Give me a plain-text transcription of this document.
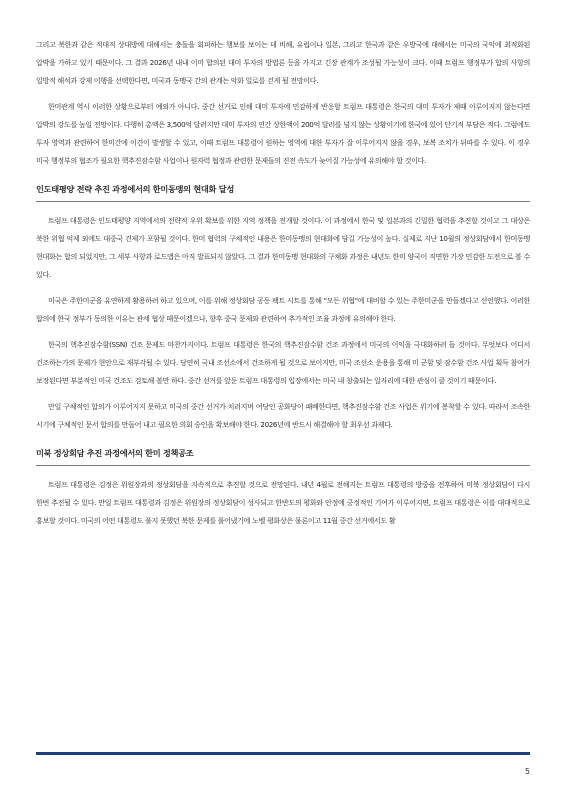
그리고 북한과 같은 적대적 상대방에 대해서는 충돌을 회피하는 행보를 보이는 데 비해, 유럽이나 일본, 그리고 한국과 같은 우방국에 대해서는 미국의 국익에 최적화된 압박을 가하고 있기 때문이다. 그 결과 2026년 내내 이미 합의된 대미 투자의 방법론 등을 가지고 긴장 관계가 조성될 가능성이 크다. 이때 트럼프 행정부가 합의 사항의 일방적 해석과 강제 이행을 선택한다면, 미국과 동맹국 간의 관계는 악화 일로를 걷게 될 전망이다.

한미관계 역시 이러한 상황으로부터 예외가 아니다. 중간 선거로 인해 대미 투자에 민감하게 반응할 트럼프 대통령은 한국의 대미 투자가 제때 이루어지지 않는다면 압박의 강도를 높일 전망이다. 다행히 총액은 3,500억 달러지만 대미 투자의 연간 상한액이 200억 달러를 넘지 않는 상황이기에 한국에 있어 단기적 부담은 적다. 그럼에도 투자 영역과 관련하여 한미간에 이견이 발생할 수 있고, 이때 트럼프 대통령이 원하는 영역에 대한 투자가 잘 이루어지지 않을 경우, 보복 조치가 뒤따를 수 있다. 이 경우 미국 행정부의 협조가 필요한 핵추진잠수함 사업이나 원자력 협정과 관련한 문제들의 진전 속도가 늦어질 가능성에 유의해야 할 것이다.

인도태평양 전략 추진 과정에서의 한미동맹의 현대화 달성

트럼프 대통령은 인도태평양 지역에서의 전략적 우위 확보를 위한 지역 정책을 전개할 것이다. 이 과정에서 한국 및 일본과의 긴밀한 협력을 추진할 것이고 그 대상은 북한 위협 억제 외에도 대중국 견제가 포함될 것이다. 한미 협력의 구체적인 내용은 한미동맹의 현대화에 담길 가능성이 높다. 실제로 지난 10월의 정상회담에서 한미동맹 현대화는 합의 되었지만, 그 세부 사항과 로드맵은 아직 발표되지 않았다. 그 결과 한미동맹 현대화의 구체화 과정은 내년도 한미 양국이 직면한 가장 민감한 도전으로 볼 수 있다.

미국은 주한미군을 유연하게 활용하려 하고 있으며, 이를 위해 정상회담 공동 팩트 시트를 통해 "모든 위협"에 대비할 수 있는 주한미군을 만들겠다고 선언했다. 이러한 합의에 한국 정부가 동의한 이유는 관세 협상 때문이겠으나, 향후 중국 문제와 관련하여 추가적인 조율 과정에 유의해야 한다.

한국의 핵추진잠수함(SSN) 건조 문제도 마찬가지이다. 트럼프 대통령은 한국의 핵추진잠수함 건조 과정에서 미국의 이익을 극대화하려 들 것이다. 무엇보다 어디서 건조하는가의 문제가 현안으로 재부각될 수 있다. 당연히 국내 조선소에서 건조하게 될 것으로 보이지만, 미국 조선소 운용을 통해 미 군함 및 잠수함 건조 사업 획득 참여가 보장된다면 부분적인 미국 건조도 검토해 볼만 하다. 중간 선거를 앞둔 트럼프 대통령의 입장에서는 미국 내 창출되는 일자리에 대한 관심이 클 것이기 때문이다.

만일 구체적인 합의가 이루어지지 못하고 미국의 중간 선거가 치러지며 여당인 공화당이 패배한다면, 핵추진잠수함 건조 사업은 위기에 봉착할 수 있다. 따라서 조속한 시기에 구체적인 문서 합의를 만들어 내고 필요한 의회 승인을 확보해야 한다. 2026년에 반드시 해결해야 할 최우선 과제다.

미북 정상회담 추진 과정에서의 한미 정책공조

트럼프 대통령은 김정은 위원장과의 정상회담을 지속적으로 추진할 것으로 전망된다. 내년 4월로 전해지는 트럼프 대통령의 방중을 전후하여 미북 정상회담이 다시 한번 추진될 수 있다. 만일 트럼프 대통령과 김정은 위원장의 정상회담이 성사되고 한반도의 평화와 안정에 긍정적인 기여가 이루어지면, 트럼프 대통령은 이를 대대적으로 홍보할 것이다. 미국의 어떤 대통령도 풀지 못했던 북한 문제를 풀어냈기에 노벨 평화상은 물론이고 11월 중간 선거에서도 활

5
